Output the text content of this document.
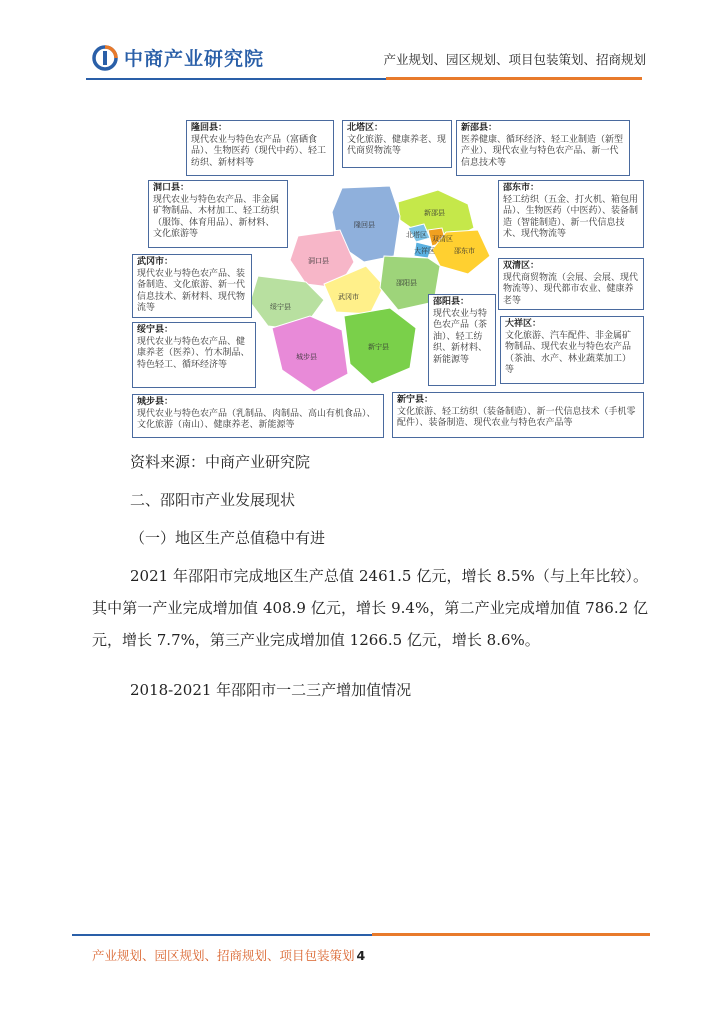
中商产业研究院	产业规划、园区规划、项目包装策划、招商规划
新邵县
北塔区
隆回县
双清区
大祥区	邵东市
洞口县
武冈市
邵阳县
绥宁县
城步县
新宁县
隆回县：
现代农业与特色农产品（富硒食品）、生物医药（现代中药）、轻工纺织、新材料等
北塔区：
文化旅游、健康养老、现代商贸物流等
新邵县：
医养健康、循环经济、轻工业制造（新型产业）、现代农业与特色农产品、新一代信息技术等
洞口县：
现代农业与特色农产品、非金属矿物制品、木材加工、轻工纺织（服饰、体育用品）、新材料、文化旅游等
邵东市：
轻工纺织（五金、打火机、箱包用品）、生物医药（中医药）、装备制造（智能制造）、新一代信息技术、现代物流等
武冈市：
现代农业与特色农产品、装备制造、文化旅游、新一代信息技术、新材料、现代物流等
双清区：
现代商贸物流（会展、会展、现代物流等）、现代都市农业、健康养老等
邵阳县：
现代农业与特色农产品（茶油）、轻工纺织、新材料、新能源等
绥宁县：
现代农业与特色农产品、健康养老（医养）、竹木制品、特色轻工、循环经济等
大祥区：
文化旅游、汽车配件、非金属矿物制品、现代农业与特色农产品（茶油、水产、林业蔬菜加工）等
城步县：
现代农业与特色农产品（乳制品、肉制品、高山有机食品）、文化旅游（南山）、健康养老、新能源等
新宁县：
文化旅游、轻工纺织（装备制造）、新一代信息技术（手机零配件）、装备制造、现代农业与特色农产品等
资料来源：中商产业研究院
二、邵阳市产业发展现状
（一）地区生产总值稳中有进
2021 年邵阳市完成地区生产总值 2461.5 亿元，增长 8.5%（与上年比较）。其中第一产业完成增加值 408.9 亿元，增长 9.4%，第二产业完成增加值 786.2 亿元，增长 7.7%，第三产业完成增加值 1266.5 亿元，增长 8.6%。
2018-2021 年邵阳市一二三产增加值情况
产业规划、园区规划、招商规划、项目包装策划 4
